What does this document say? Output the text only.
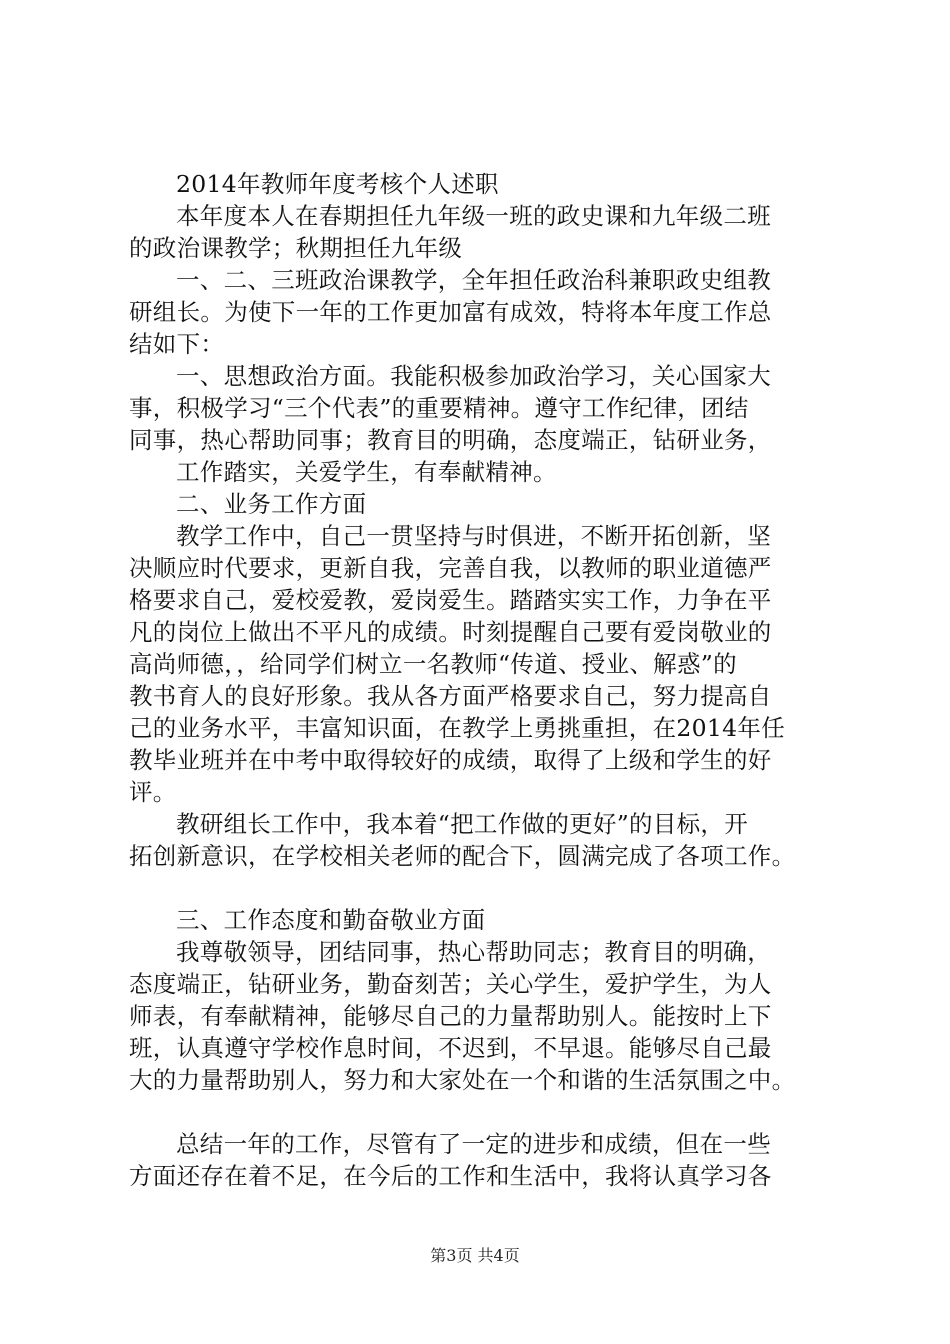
2014年教师年度考核个人述职
本年度本人在春期担任九年级一班的政史课和九年级二班
的政治课教学；秋期担任九年级
一、二、三班政治课教学，全年担任政治科兼职政史组教
研组长。为使下一年的工作更加富有成效，特将本年度工作总
结如下：
一、思想政治方面。我能积极参加政治学习，关心国家大
事，积极学习“三个代表”的重要精神。遵守工作纪律，团结
同事，热心帮助同事；教育目的明确，态度端正，钻研业务，
工作踏实，关爱学生，有奉献精神。
二、业务工作方面
教学工作中，自己一贯坚持与时俱进，不断开拓创新，坚
决顺应时代要求，更新自我，完善自我，以教师的职业道德严
格要求自己，爱校爱教，爱岗爱生。踏踏实实工作，力争在平
凡的岗位上做出不平凡的成绩。时刻提醒自己要有爱岗敬业的
高尚师德，，给同学们树立一名教师“传道、授业、解惑”的
教书育人的良好形象。我从各方面严格要求自己，努力提高自
己的业务水平，丰富知识面，在教学上勇挑重担，在2014年任
教毕业班并在中考中取得较好的成绩，取得了上级和学生的好
评。
教研组长工作中，我本着“把工作做的更好”的目标，开
拓创新意识，在学校相关老师的配合下，圆满完成了各项工作。
三、工作态度和勤奋敬业方面
我尊敬领导，团结同事，热心帮助同志；教育目的明确，
态度端正，钻研业务，勤奋刻苦；关心学生，爱护学生，为人
师表，有奉献精神，能够尽自己的力量帮助别人。能按时上下
班，认真遵守学校作息时间，不迟到，不早退。能够尽自己最
大的力量帮助别人，努力和大家处在一个和谐的生活氛围之中。
总结一年的工作，尽管有了一定的进步和成绩，但在一些
方面还存在着不足，在今后的工作和生活中，我将认真学习各
第3页 共4页
